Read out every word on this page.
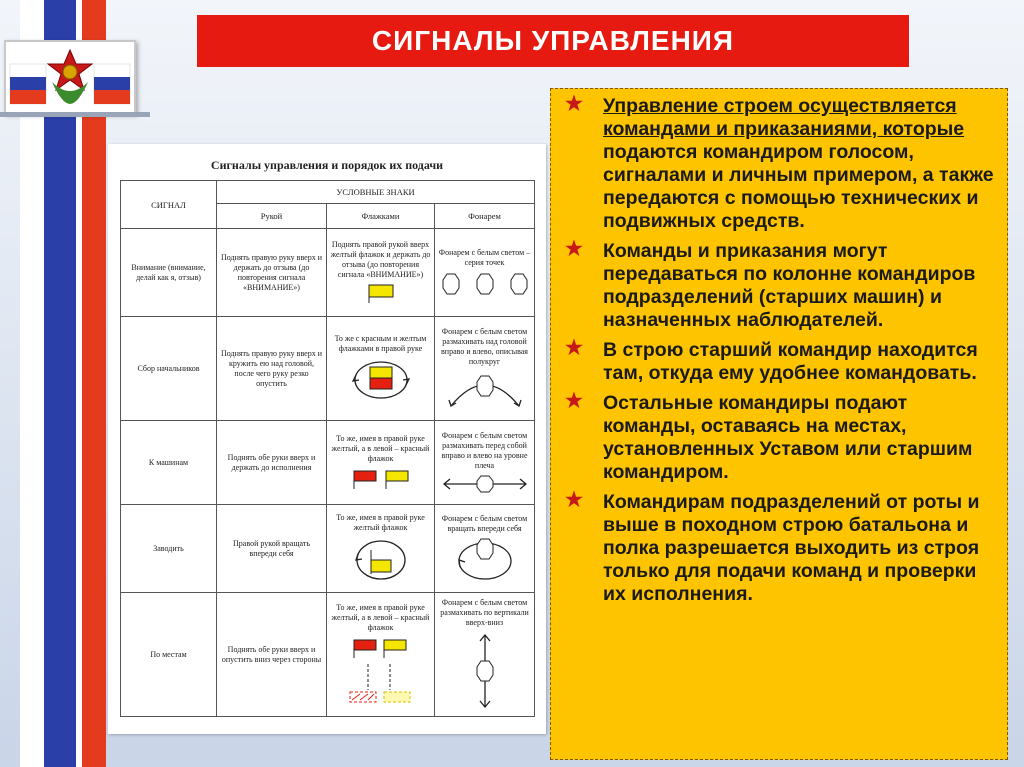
СИГНАЛЫ УПРАВЛЕНИЯ
Сигналы управления и порядок их подачи
СИГНАЛ	УСЛОВНЫЕ ЗНАКИ		
	Рукой	Флажками	Фонарем
Внимание (внимание, делай как я, отзыв)	Поднять правую руку вверх и держать до отзыва (до повторения сигнала «ВНИМАНИЕ»)	Поднять правой рукой вверх желтый флажок и держать до отзыва (до повторения сигнала «ВНИМАНИЕ»)	Фонарем с белым светом – серия точек

Сбор начальников	Поднять правую руку вверх и кружить ею над головой, после чего руку резко опустить	То же с красным и желтым флажками в правой руке	Фонарем с белым светом размахивать над головой вправо и влево, описывая полукруг

К машинам	Поднять обе руки вверх и держать до исполнения	То же, имея в правой руке желтый, а в левой – красный флажок	Фонарем с белым светом размахивать перед собой вправо и влево на уровне плеча

Заводить	Правой рукой вращать впереди себя	То же, имея в правой руке желтый флажок	Фонарем с белым светом вращать впереди себя

По местам	Поднять обе руки вверх и опустить вниз через стороны	То же, имея в правой руке желтый, а в левой – красный флажок	Фонарем с белым светом размахивать по вертикали вверх-вниз
★ Управление строем осуществляется командами и приказаниями, которые подаются командиром голосом, сигналами и личным примером, а также передаются с помощью технических и подвижных средств.
★ Команды и приказания могут передаваться по колонне командиров подразделений (старших машин) и назначенных наблюдателей.
★ В строю старший командир находится там, откуда ему удобнее командовать.
★ Остальные командиры подают команды, оставаясь на местах, установленных Уставом или старшим командиром.
★ Командирам подразделений от роты и выше в походном строю батальона и полка разрешается выходить из строя только для подачи команд и проверки их исполнения.
